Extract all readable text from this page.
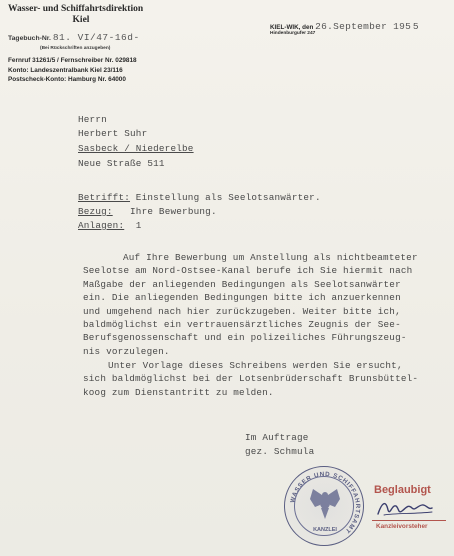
Wasser- und Schiffahrtsdirektion
Kiel
Tagebuch-Nr. 81. VI/47-16d-
(Bei Rückschriften anzugeben)
Fernruf 31261/5 / Fernschreiber Nr. 029818
Konto: Landeszentralbank Kiel 23/116
Postscheck-Konto: Hamburg Nr. 64000
KIEL-WIK, den 26.September 195 5
Hindenburgufer 247
Herrn
Herbert Suhr
Sasbeck / Niederelbe
Neue Straße 511
Betrifft: Einstellung als Seelotsanwärter.
Bezug: Ihre Bewerbung.
Anlagen: 1
Auf Ihre Bewerbung um Anstellung als nichtbeamteter
Seelotse am Nord-Ostsee-Kanal berufe ich Sie hiermit nach
Maßgabe der anliegenden Bedingungen als Seelotsanwärter
ein. Die anliegenden Bedingungen bitte ich anzuerkennen
und umgehend nach hier zurückzugeben. Weiter bitte ich,
baldmöglichst ein vertrauensärztliches Zeugnis der See-
Berufsgenossenschaft und ein polizeiliches Führungszeug-
nis vorzulegen.
Unter Vorlage dieses Schreibens werden Sie ersucht,
sich baldmöglichst bei der Lotsenbrüderschaft Brunsbüttel-
koog zum Dienstantritt zu melden.
Im Auftrage
gez. Schmula
WASSER UND SCHIFFAHRTSAMT
KANZLEI
Beglaubigt
Kanzleivorsteher
